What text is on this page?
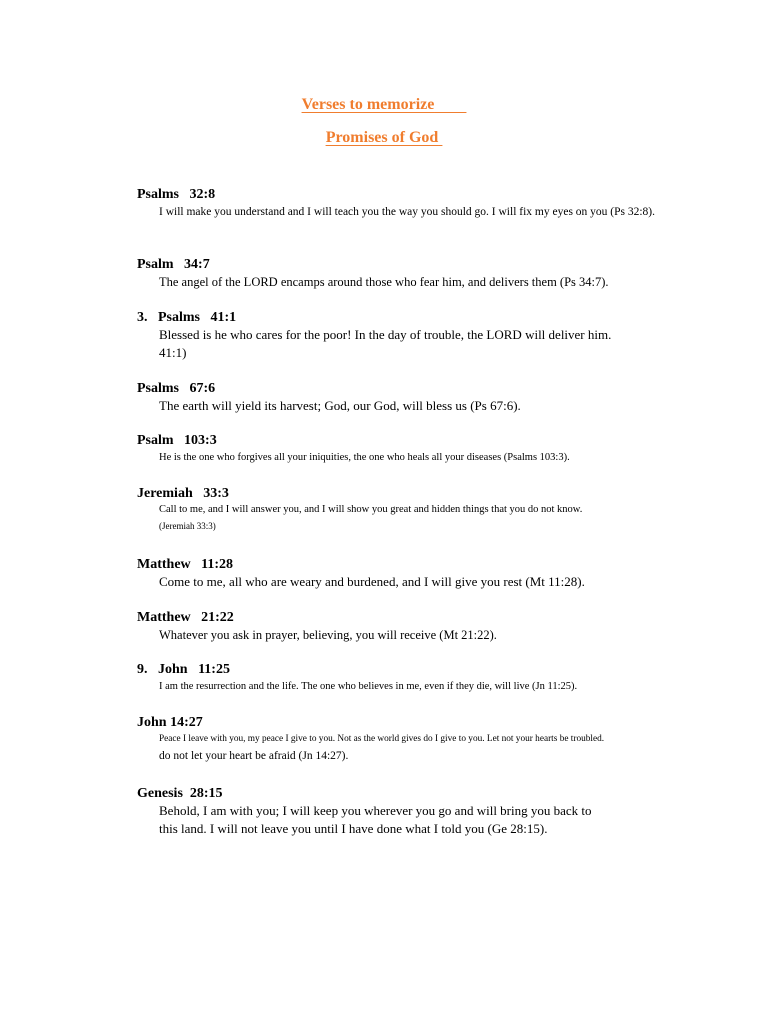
Verses to memorize
Promises of God
Psalms   32:8
I will make you understand and I will teach you the way you should go. I will fix my eyes on you (Ps 32:8).
Psalm   34:7
The angel of the LORD encamps around those who fear him, and delivers them (Ps 34:7).
3.   Psalms   41:1
Blessed is he who cares for the poor! In the day of trouble, the LORD will deliver him.
41:1)
Psalms   67:6
The earth will yield its harvest; God, our God, will bless us (Ps 67:6).
Psalm   103:3
He is the one who forgives all your iniquities, the one who heals all your diseases (Psalms 103:3).
Jeremiah   33:3
Call to me, and I will answer you, and I will show you great and hidden things that you do not know.
(Jeremiah 33:3)
Matthew   11:28
Come to me, all who are weary and burdened, and I will give you rest (Mt 11:28).
Matthew   21:22
Whatever you ask in prayer, believing, you will receive (Mt 21:22).
9.   John   11:25
I am the resurrection and the life. The one who believes in me, even if they die, will live (Jn 11:25).
John 14:27
Peace I leave with you, my peace I give to you. Not as the world gives do I give to you. Let not your hearts be troubled.
do not let your heart be afraid (Jn 14:27).
Genesis  28:15
Behold, I am with you; I will keep you wherever you go and will bring you back to
this land. I will not leave you until I have done what I told you (Ge 28:15).
